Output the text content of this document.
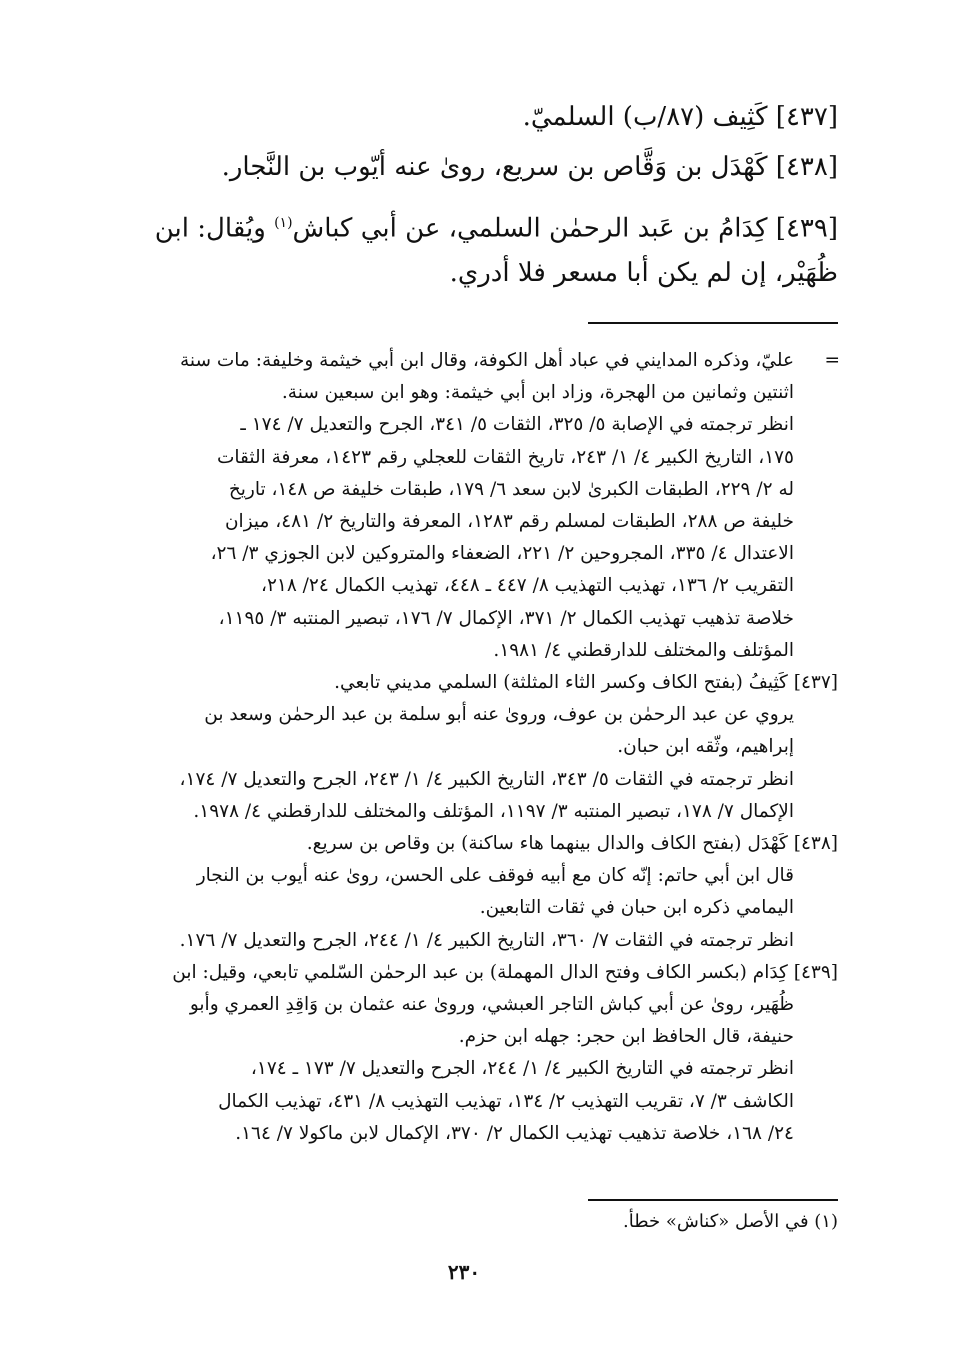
[٤٣٧] كَثِيف (٨٧/ب) السلميّ.

[٤٣٨] كَهْدَل بن وَقَّاص بن سريع، روىٰ عنه أيّوب بن النَّجار.

[٤٣٩] كِدَامُ بن عَبد الرحمٰن السلمي، عن أبي كباش$^{(١)}$ ويُقال: ابن

ظُهَيْر، إن لم يكن أبا مسعر فلا أدري.

=
عليّ، وذكره المدايني في عباد أهل الكوفة، وقال ابن أبي خيثمة وخليفة: مات سنة

اثنتين وثمانين من الهجرة، وزاد ابن أبي خيثمة: وهو ابن سبعين سنة.

انظر ترجمته في الإصابة ٥/ ٣٢٥، الثقات ٥/ ٣٤١، الجرح والتعديل ٧/ ١٧٤ ـ

١٧٥، التاريخ الكبير ٤/ ١/ ٢٤٣، تاريخ الثقات للعجلي رقم ١٤٢٣، معرفة الثقات

له ٢/ ٢٢٩، الطبقات الكبرىٰ لابن سعد ٦/ ١٧٩، طبقات خليفة ص ١٤٨، تاريخ

خليفة ص ٢٨٨، الطبقات لمسلم رقم ١٢٨٣، المعرفة والتاريخ ٢/ ٤٨١، ميزان

الاعتدال ٤/ ٣٣٥، المجروحين ٢/ ٢٢١، الضعفاء والمتروكين لابن الجوزي ٣/ ٢٦،

التقريب ٢/ ١٣٦، تهذيب التهذيب ٨/ ٤٤٧ ـ ٤٤٨، تهذيب الكمال ٢٤/ ٢١٨،

خلاصة تذهيب تهذيب الكمال ٢/ ٣٧١، الإكمال ٧/ ١٧٦، تبصير المنتبه ٣/ ١١٩٥،

المؤتلف والمختلف للدارقطني ٤/ ١٩٨١.

[٤٣٧] كَثِيفُ (بفتح الكاف وكسر الثاء المثلثة) السلمي مديني تابعي.

يروي عن عبد الرحمٰن بن عوف، وروىٰ عنه أبو سلمة بن عبد الرحمٰن وسعد بن

إبراهيم، وثّقه ابن حبان.

انظر ترجمته في الثقات ٥/ ٣٤٣، التاريخ الكبير ٤/ ١/ ٢٤٣، الجرح والتعديل ٧/ ١٧٤،

الإكمال ٧/ ١٧٨، تبصير المنتبه ٣/ ١١٩٧، المؤتلف والمختلف للدارقطني ٤/ ١٩٧٨.

[٤٣٨] كَهْدَل (بفتح الكاف والدال بينهما هاء ساكنة) بن وقاص بن سريع.

قال ابن أبي حاتم: إنّه كان مع أبيه فوقف على الحسن، روىٰ عنه أيوب بن النجار

اليمامي ذكره ابن حبان في ثقات التابعين.

انظر ترجمته في الثقات ٧/ ٣٦٠، التاريخ الكبير ٤/ ١/ ٢٤٤، الجرح والتعديل ٧/ ١٧٦.

[٤٣٩] كِدَام (بكسر الكاف وفتح الدال المهملة) بن عبد الرحمٰن السّلمي تابعي، وقيل: ابن

ظُهَير، روىٰ عن أبي كباش التاجر العبشي، وروىٰ عنه عثمان بن وَاقِدِ العمري وأبو

حنيفة، قال الحافظ ابن حجر: جهله ابن حزم.

انظر ترجمته في التاريخ الكبير ٤/ ١/ ٢٤٤، الجرح والتعديل ٧/ ١٧٣ ـ ١٧٤،

الكاشف ٣/ ٧، تقريب التهذيب ٢/ ١٣٤، تهذيب التهذيب ٨/ ٤٣١، تهذيب الكمال

٢٤/ ١٦٨، خلاصة تذهيب تهذيب الكمال ٢/ ٣٧٠، الإكمال لابن ماكولا ٧/ ١٦٤.

(١) في الأصل «كناش» خطأ.

٢٣٠
